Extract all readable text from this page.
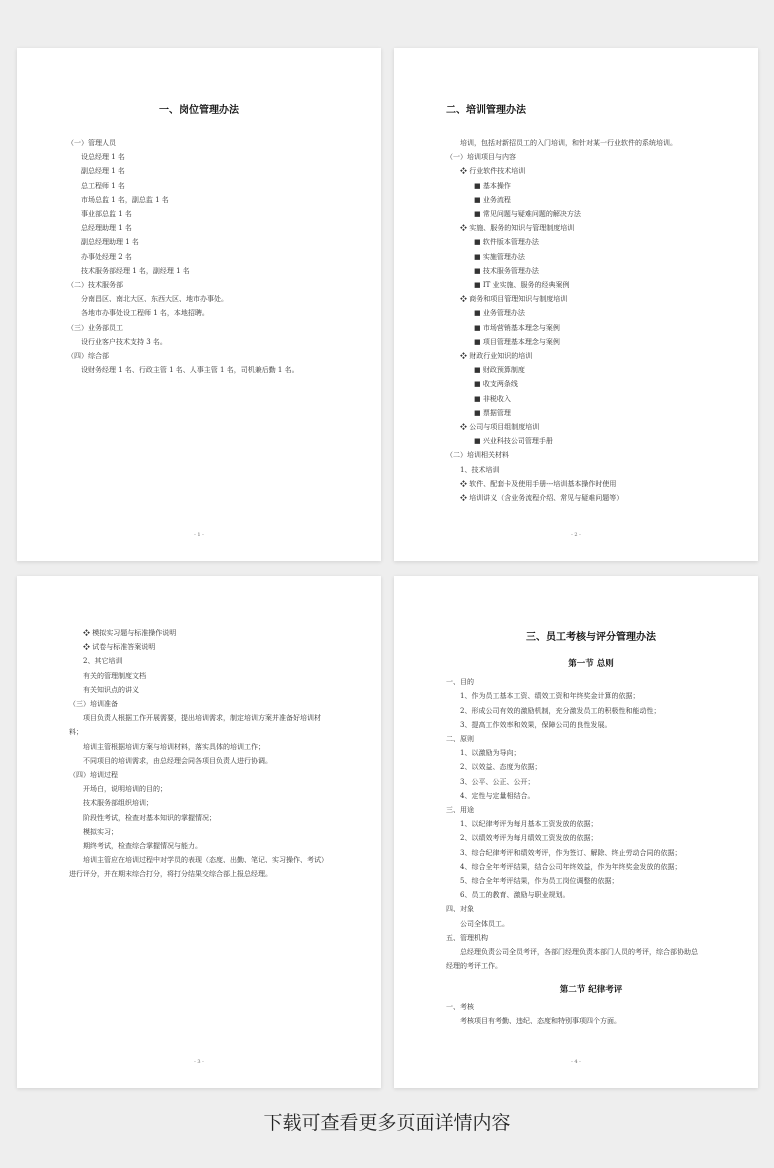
一、岗位管理办法
（一）管理人员
设总经理 1 名
副总经理 1 名
总工程师 1 名
市场总监 1 名，副总监 1 名
事业部总监 1 名
总经理助理 1 名
副总经理助理 1 名
办事处经理 2 名
技术服务部经理 1 名，副经理 1 名
（二）技术服务部
分南昌区、南北大区、东西大区、地市办事处。
各地市办事处设工程师 1 名，本地招聘。
（三）业务部员工
设行业客户技术支持 3 名。
（四）综合部
设财务经理 1 名、行政主管 1 名、人事主管 1 名，司机兼后勤 1 名。
- 1 -
二、培训管理办法
培训，包括对新招员工的入门培训，和针对某一行业软件的系统培训。
（一）培训项目与内容
❖ 行业软件技术培训
■ 基本操作
■ 业务流程
■ 常见问题与疑难问题的解决方法
❖ 实施、服务的知识与管理制度培训
■ 软件版本管理办法
■ 实施管理办法
■ 技术服务管理办法
■ IT 业实施、服务的经典案例
❖ 商务和项目管理知识与制度培训
■ 业务管理办法
■ 市场营销基本理念与案例
■ 项目管理基本理念与案例
❖ 财政行业知识的培训
■ 财政预算制度
■ 收支两条线
■ 非税收入
■ 票据管理
❖ 公司与项目组制度培训
■ 兴业科技公司管理手册
（二）培训相关材料
1、技术培训
❖ 软件、配套卡及使用手册---培训基本操作时使用
❖ 培训讲义（含业务流程介绍、常见与疑难问题等）
- 2 -
❖ 模拟实习题与标准操作说明
❖ 试卷与标准答案说明
2、其它培训
有关的管理制度文档
有关知识点的讲义
（三）培训准备
项目负责人根据工作开展需要，提出培训需求，制定培训方案并准备好培训材
料；
培训主管根据培训方案与培训材料，落实具体的培训工作；
不同项目的培训需求，由总经理会同各项目负责人进行协调。
（四）培训过程
开场白，说明培训的目的；
技术服务部组织培训；
阶段性考试，检查对基本知识的掌握情况；
模拟实习；
期终考试，检查综合掌握情况与能力。
培训主管应在培训过程中对学员的表现（态度、出勤、笔记、实习操作、考试）
进行评分，并在期末综合打分，将打分结果交综合部上报总经理。
- 3 -
三、员工考核与评分管理办法
第一节 总则
一、目的
1、作为员工基本工资、绩效工资和年终奖金计算的依据；
2、形成公司有效的激励机制，充分激发员工的积极性和能动性；
3、提高工作效率和效果，保障公司的良性发展。
二、原则
1、以激励为导向；
2、以效益、态度为依据；
3、公平、公正、公开；
4、定性与定量相结合。
三、用途
1、以纪律考评为每月基本工资发放的依据；
2、以绩效考评为每月绩效工资发放的依据；
3、综合纪律考评和绩效考评，作为签订、解除、终止劳动合同的依据；
4、综合全年考评结果，结合公司年终效益，作为年终奖金发放的依据；
5、综合全年考评结果，作为员工岗位调整的依据；
6、员工的教育、激励与职业规划。
四、对象
公司全体员工。
五、管理机构
总经理负责公司全员考评，各部门经理负责本部门人员的考评，综合部协助总
经理的考评工作。
第二节 纪律考评
一、考核
考核项目有考勤、违纪、态度和特别事项四个方面。
- 4 -
下载可查看更多页面详情内容
